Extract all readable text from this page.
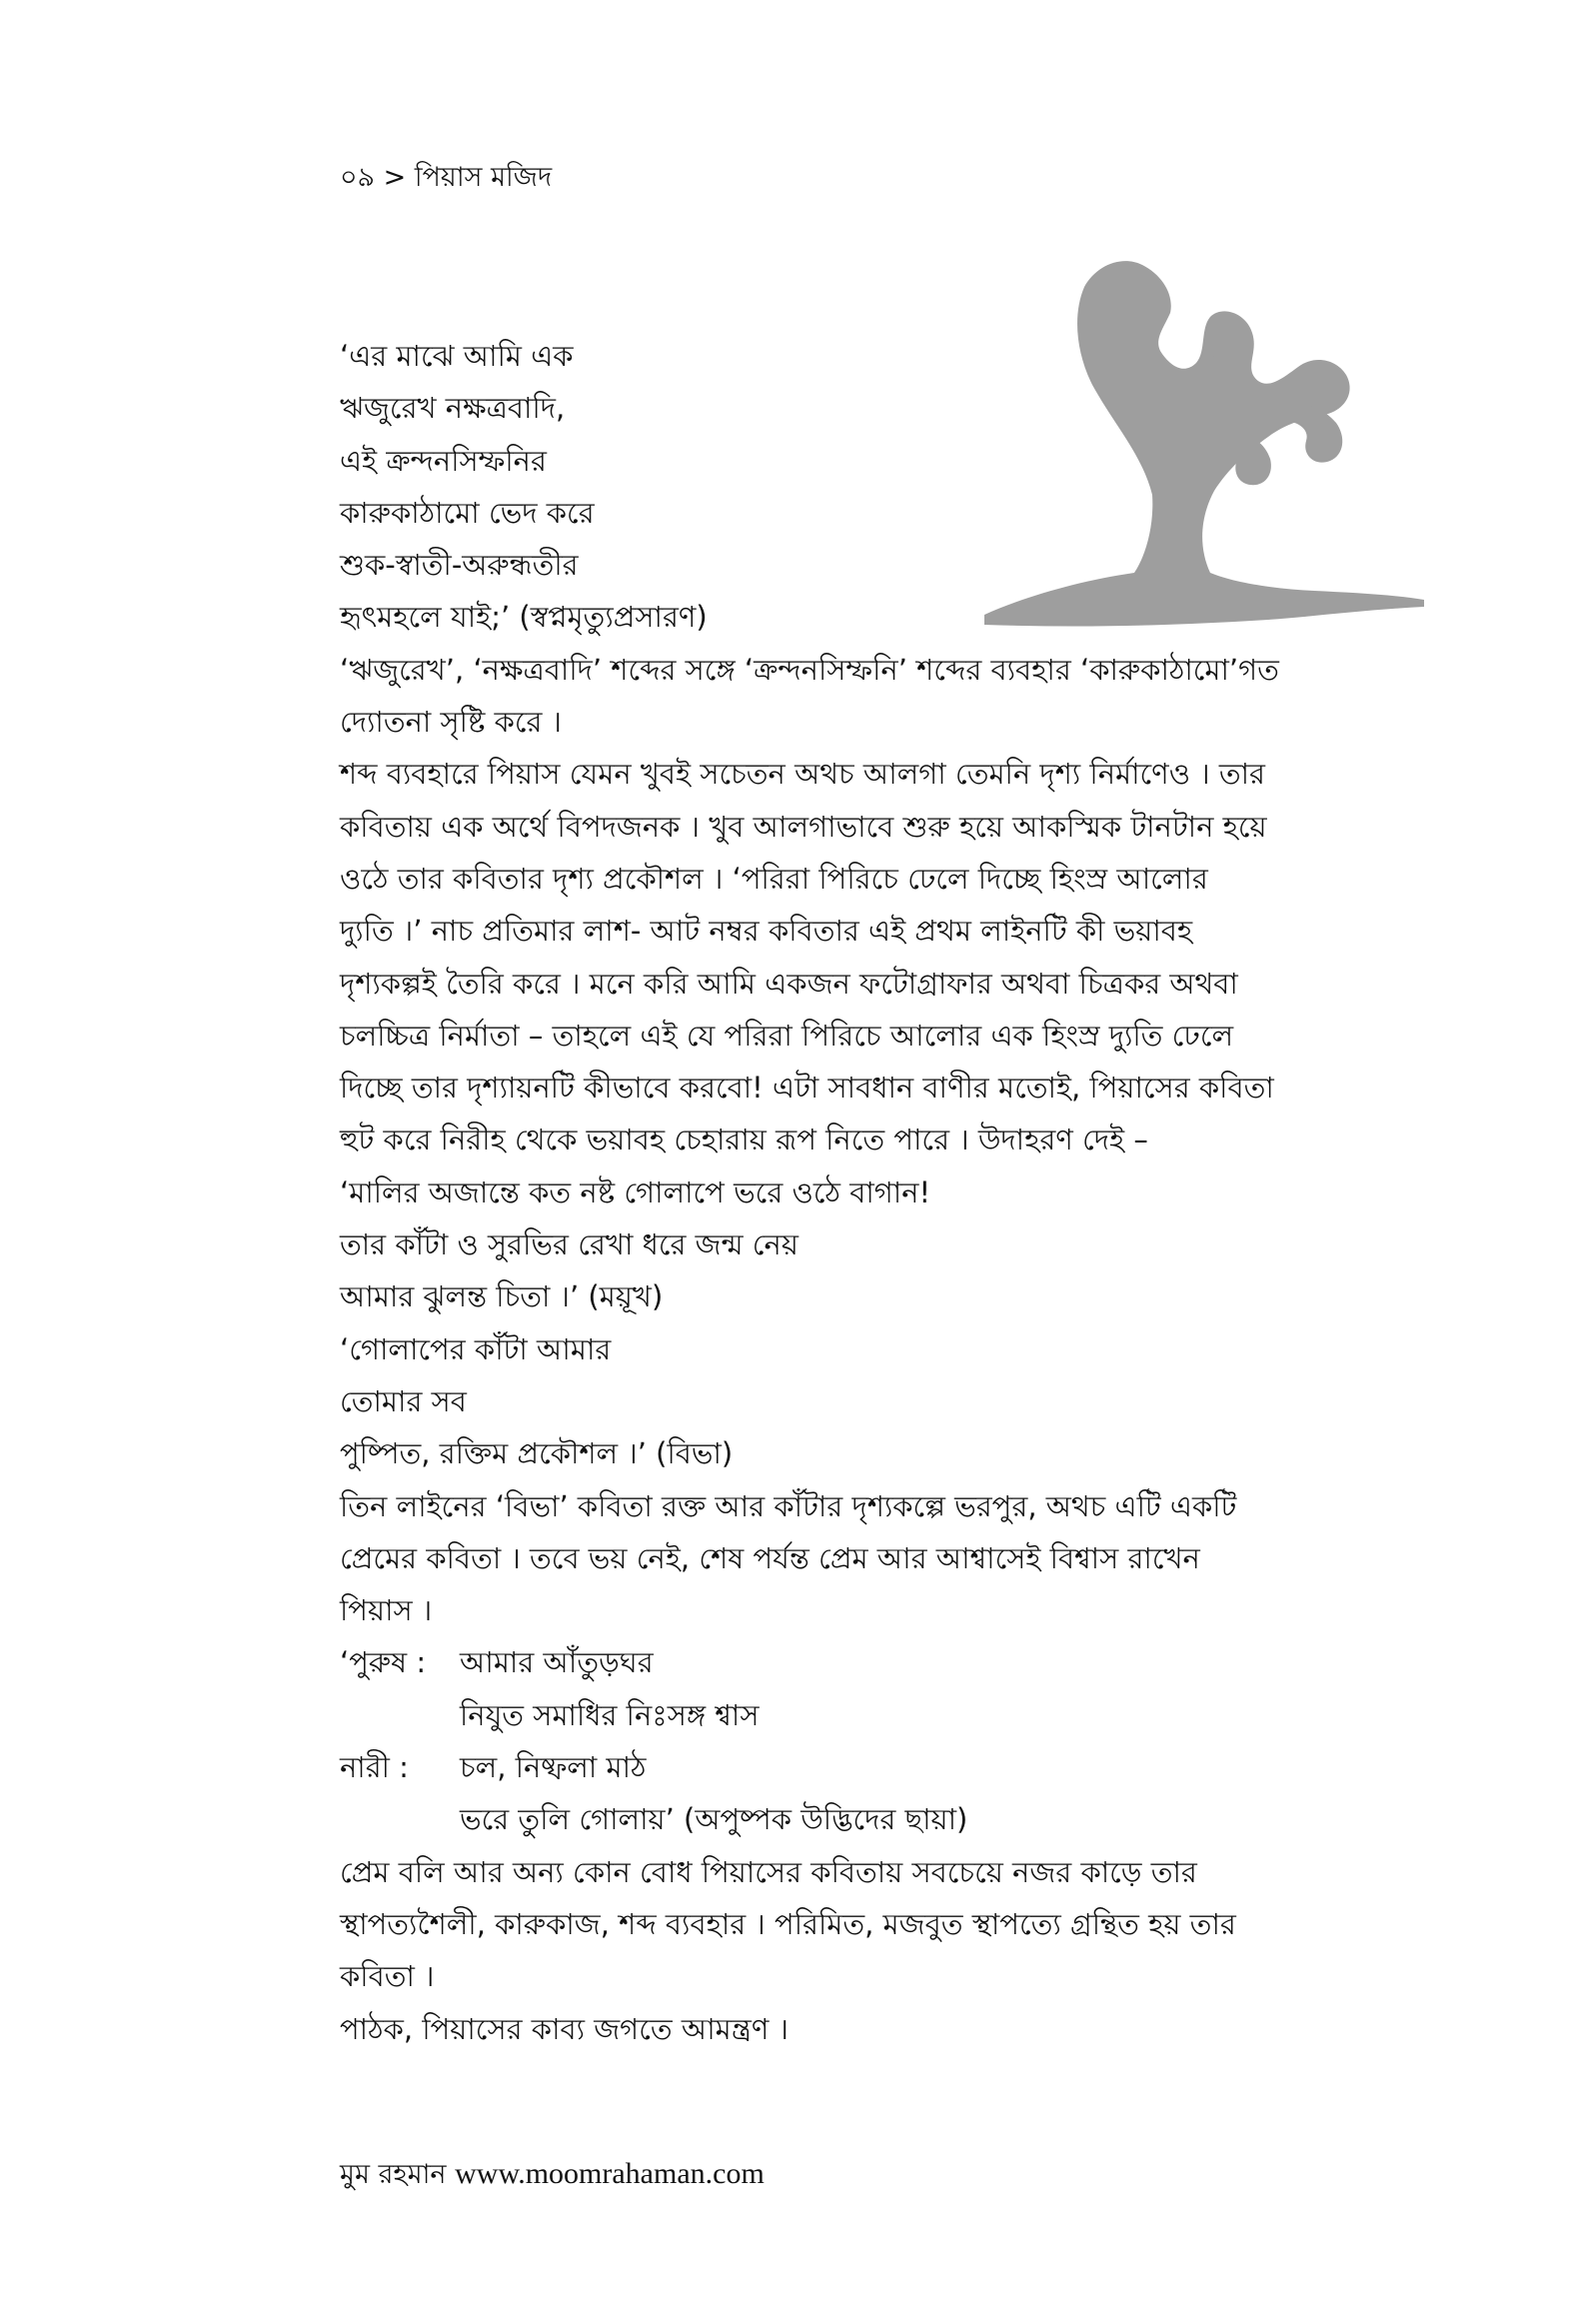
০৯ > পিয়াস মজিদ
‘এর মাঝে আমি এক
ঋজুরেখ নক্ষত্রবাদি,
এই ক্রন্দনসিম্ফনির
কারুকাঠামো ভেদ করে
শুক-স্বাতী-অরুন্ধতীর
হৃৎমহলে যাই;’ (স্বপ্নমৃত্যুপ্রসারণ)
‘ঋজুরেখ’, ‘নক্ষত্রবাদি’ শব্দের সঙ্গে ‘ক্রন্দনসিম্ফনি’ শব্দের ব্যবহার ‘কারুকাঠামো’গত
দ্যোতনা সৃষ্টি করে ।
শব্দ ব্যবহারে পিয়াস যেমন খুবই সচেতন অথচ আলগা তেমনি দৃশ্য নির্মাণেও । তার
কবিতায় এক অর্থে বিপদজনক । খুব আলগাভাবে শুরু হয়ে আকস্মিক টানটান হয়ে
ওঠে তার কবিতার দৃশ্য প্রকৌশল । ‘পরিরা পিরিচে ঢেলে দিচ্ছে হিংস্র আলোর
দ্যুতি ।’ নাচ প্রতিমার লাশ- আট নম্বর কবিতার এই প্রথম লাইনটি কী ভয়াবহ
দৃশ্যকল্পই তৈরি করে । মনে করি আমি একজন ফটোগ্রাফার অথবা চিত্রকর অথবা
চলচ্চিত্র নির্মাতা – তাহলে এই যে পরিরা পিরিচে আলোর এক হিংস্র দ্যুতি ঢেলে
দিচ্ছে তার দৃশ্যায়নটি কীভাবে করবো! এটা সাবধান বাণীর মতোই, পিয়াসের কবিতা
হুট করে নিরীহ থেকে ভয়াবহ চেহারায় রূপ নিতে পারে । উদাহরণ দেই –
‘মালির অজান্তে কত নষ্ট গোলাপে ভরে ওঠে বাগান!
তার কাঁটা ও সুরভির রেখা ধরে জন্ম নেয়
আমার ঝুলন্ত চিতা ।’ (ময়ূখ)
‘গোলাপের কাঁটা আমার
তোমার সব
পুষ্পিত, রক্তিম প্রকৌশল ।’ (বিভা)
তিন লাইনের ‘বিভা’ কবিতা রক্ত আর কাঁটার দৃশ্যকল্পে ভরপুর, অথচ এটি একটি
প্রেমের কবিতা । তবে ভয় নেই, শেষ পর্যন্ত প্রেম আর আশ্বাসেই বিশ্বাস রাখেন
পিয়াস ।
‘পুরুষ :	আমার আঁতুড়ঘর
নিযুত সমাধির নিঃসঙ্গ শ্বাস
নারী :	চল, নিষ্ফলা মাঠ
ভরে তুলি গোলায়’ (অপুষ্পক উদ্ভিদের ছায়া)
প্রেম বলি আর অন্য কোন বোধ পিয়াসের কবিতায় সবচেয়ে নজর কাড়ে তার
স্থাপত্যশৈলী, কারুকাজ, শব্দ ব্যবহার । পরিমিত, মজবুত স্থাপত্যে গ্রন্থিত হয় তার
কবিতা ।
পাঠক, পিয়াসের কাব্য জগতে আমন্ত্রণ ।
মুম রহমান www.moomrahaman.com
